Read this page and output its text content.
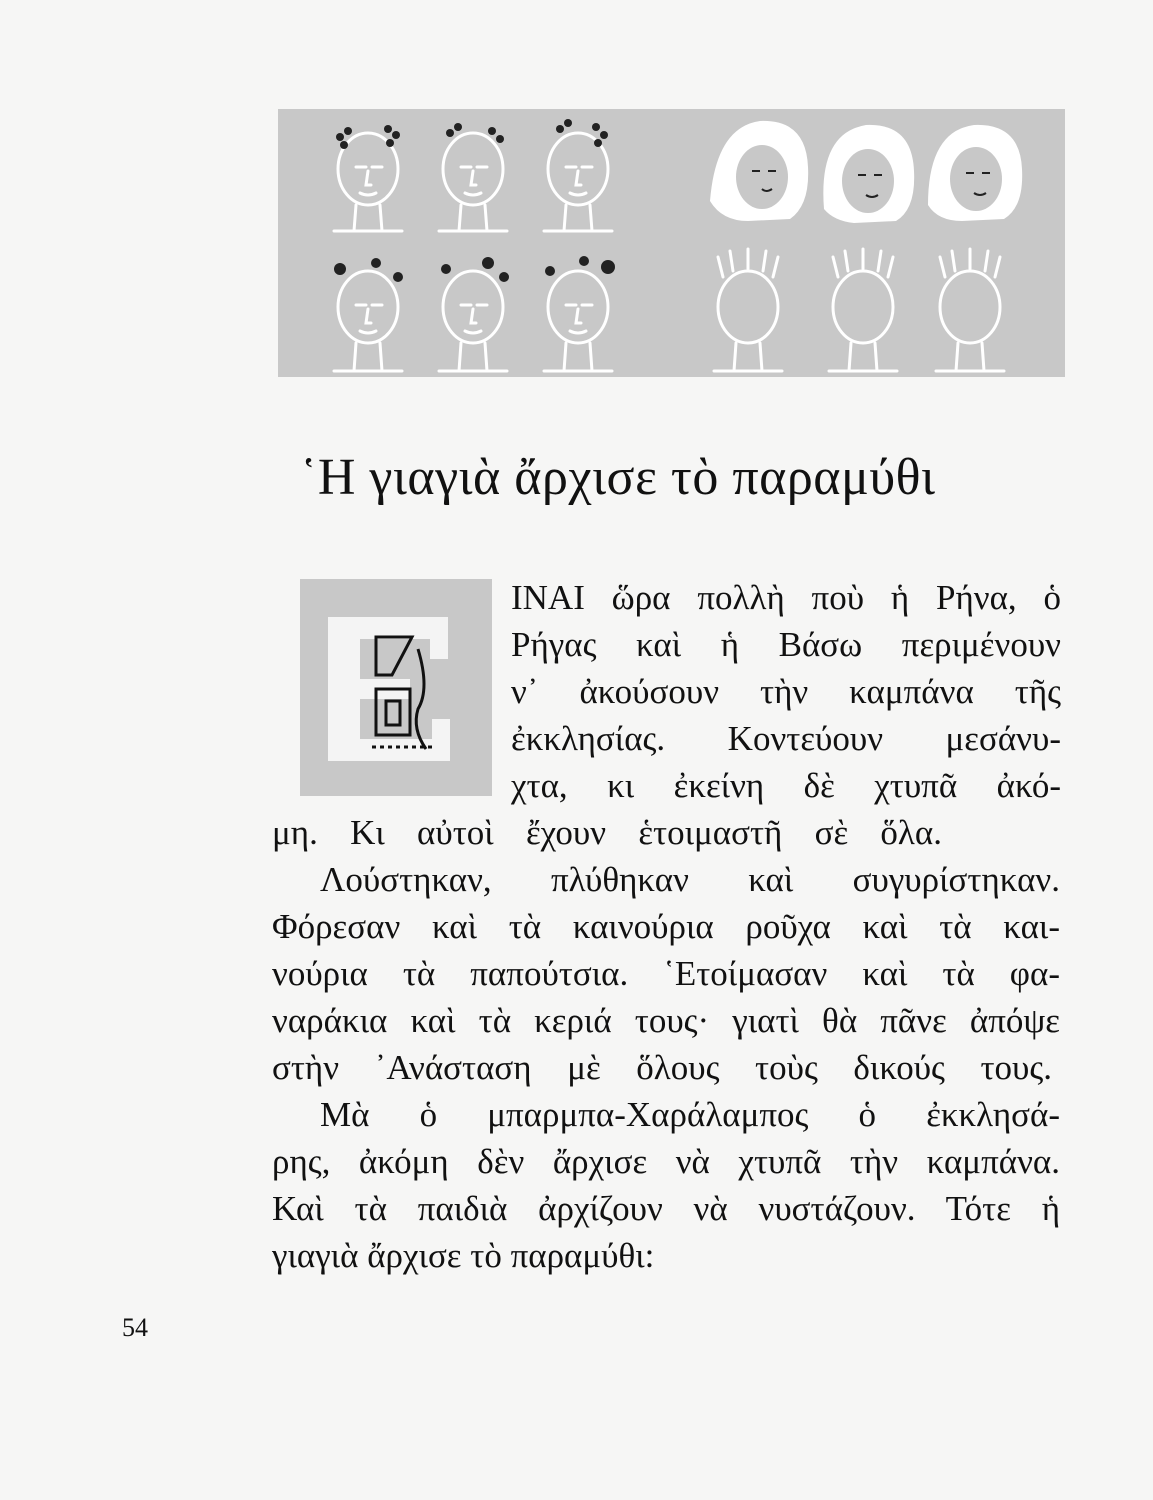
῾Η γιαγιὰ ἄρχισε τὸ παραμύθι
ΙΝΑΙ ὥρα πολλὴ ποὺ ἡ Ρήνα, ὁ
Ρήγας καὶ ἡ Βάσω περιμένουν
ν᾽ ἀκούσουν τὴν καμπάνα τῆς
ἐκκλησίας. Κοντεύουν μεσάνυ-
χτα, κι ἐκείνη δὲ χτυπᾶ ἀκό-
μη. Κι αὐτοὶ ἔχουν ἑτοιμαστῆ σὲ ὅλα.
Λούστηκαν, πλύθηκαν καὶ συγυρίστηκαν.
Φόρεσαν καὶ τὰ καινούρια ροῦχα καὶ τὰ και-
νούρια τὰ παπούτσια. ῾Ετοίμασαν καὶ τὰ φα-
ναράκια καὶ τὰ κεριά τους· γιατὶ θὰ πᾶνε ἀπόψε
στὴν ᾽Ανάσταση μὲ ὅλους τοὺς δικούς τους.
Μὰ ὁ μπαρμπα-Χαράλαμπος ὁ ἐκκλησά-
ρης, ἀκόμη δὲν ἄρχισε νὰ χτυπᾶ τὴν καμπάνα.
Καὶ τὰ παιδιὰ ἀρχίζουν νὰ νυστάζουν. Τότε ἡ
γιαγιὰ ἄρχισε τὸ παραμύθι:
54
